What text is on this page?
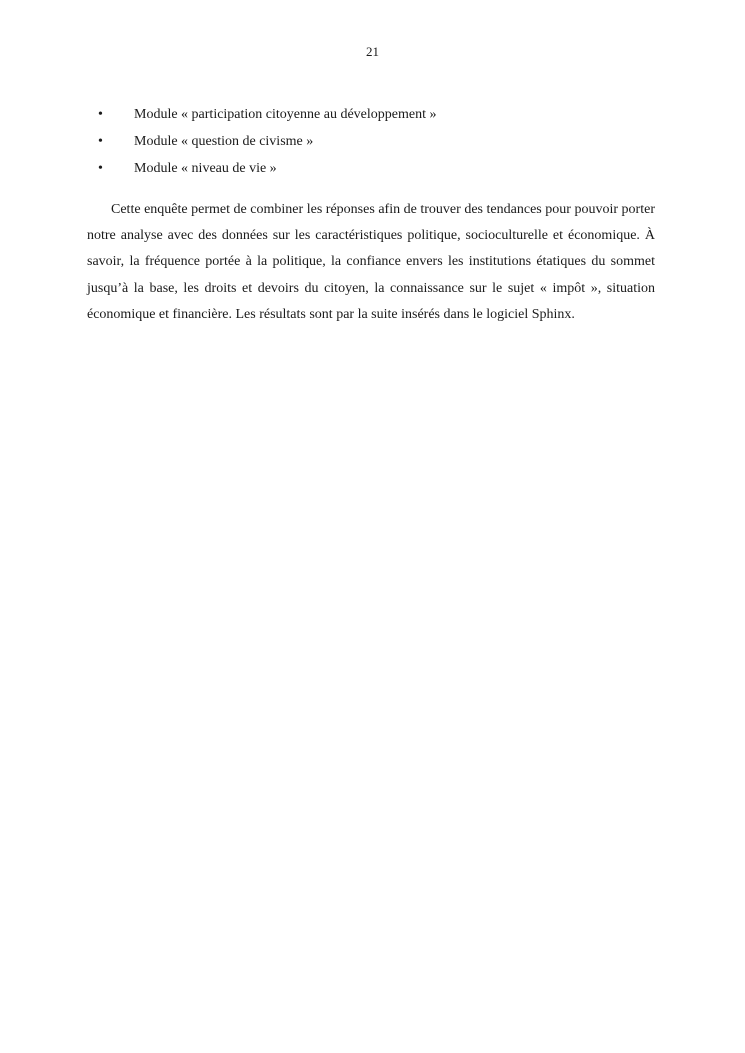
21
•	Module « participation citoyenne au développement »
•	Module « question de civisme »
•	Module « niveau de vie »

Cette enquête permet de combiner les réponses afin de trouver des tendances pour pouvoir porter notre analyse avec des données sur les caractéristiques politique, socioculturelle et économique. À savoir, la fréquence portée à la politique, la confiance envers les institutions étatiques du sommet jusqu’à la base, les droits et devoirs du citoyen, la connaissance sur le sujet « impôt », situation économique et financière. Les résultats sont par la suite insérés dans le logiciel Sphinx.
